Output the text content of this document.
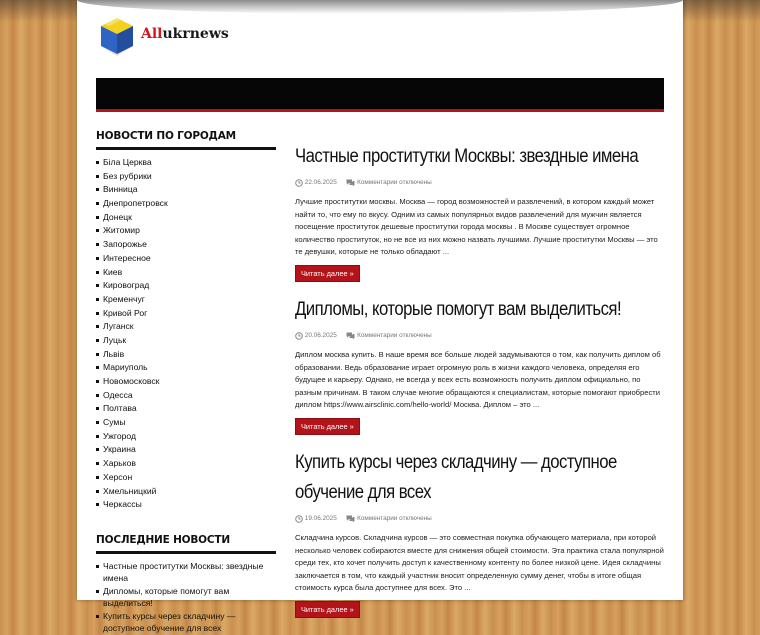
Allukrnews
НОВОСТИ ПО ГОРОДАМ
Біла Церква
Без рубрики
Винница
Днепропетровск
Донецк
Житомир
Запорожье
Интересное
Киев
Кировоград
Кременчуг
Кривой Рог
Луганск
Луцьк
Львів
Мариуполь
Новомосковск
Одесса
Полтава
Сумы
Ужгород
Украина
Харьков
Херсон
Хмельницкий
Черкассы
ПОСЛЕДНИЕ НОВОСТИ
Частные проститутки Москвы: звездные имена
Дипломы, которые помогут вам выделиться!
Купить курсы через складчину — доступное обучение для всех
Частные проститутки Москвы: звездные имена
22.06.2025	Комментарии отключены

Лучшие проститутки москвы. Москва — город возможностей и развлечений, в котором каждый может найти то, что ему по вкусу. Одним из самых популярных видов развлечений для мужчин является посещение проституток дешевые проститутки города москвы . В Москве существует огромное количество проституток, но не все из них можно назвать лучшими. Лучшие проститутки Москвы — это те девушки, которые не только обладают ...

Читать далее »
Дипломы, которые помогут вам выделиться!
20.06.2025	Комментарии отключены

Диплом москва купить. В наше время все больше людей задумываются о том, как получить диплом об образовании. Ведь образование играет огромную роль в жизни каждого человека, определяя его будущее и карьеру. Однако, не всегда у всех есть возможность получить диплом официально, по разным причинам. В таком случае многие обращаются к специалистам, которые помогают приобрести диплом https://www.airsclinic.com/hello-world/ Москва. Диплом – это ...

Читать далее »
Купить курсы через складчину — доступное обучение для всех
19.06.2025	Комментарии отключены

Складчина курсов. Складчина курсов — это совместная покупка обучающего материала, при которой несколько человек собираются вместе для снижения общей стоимости. Эта практика стала популярной среди тех, кто хочет получить доступ к качественному контенту по более низкой цене. Идея складчины заключается в том, что каждый участник вносит определенную сумму денег, чтобы в итоге общая стоимость курса была доступнее для всех. Это ...

Читать далее »
